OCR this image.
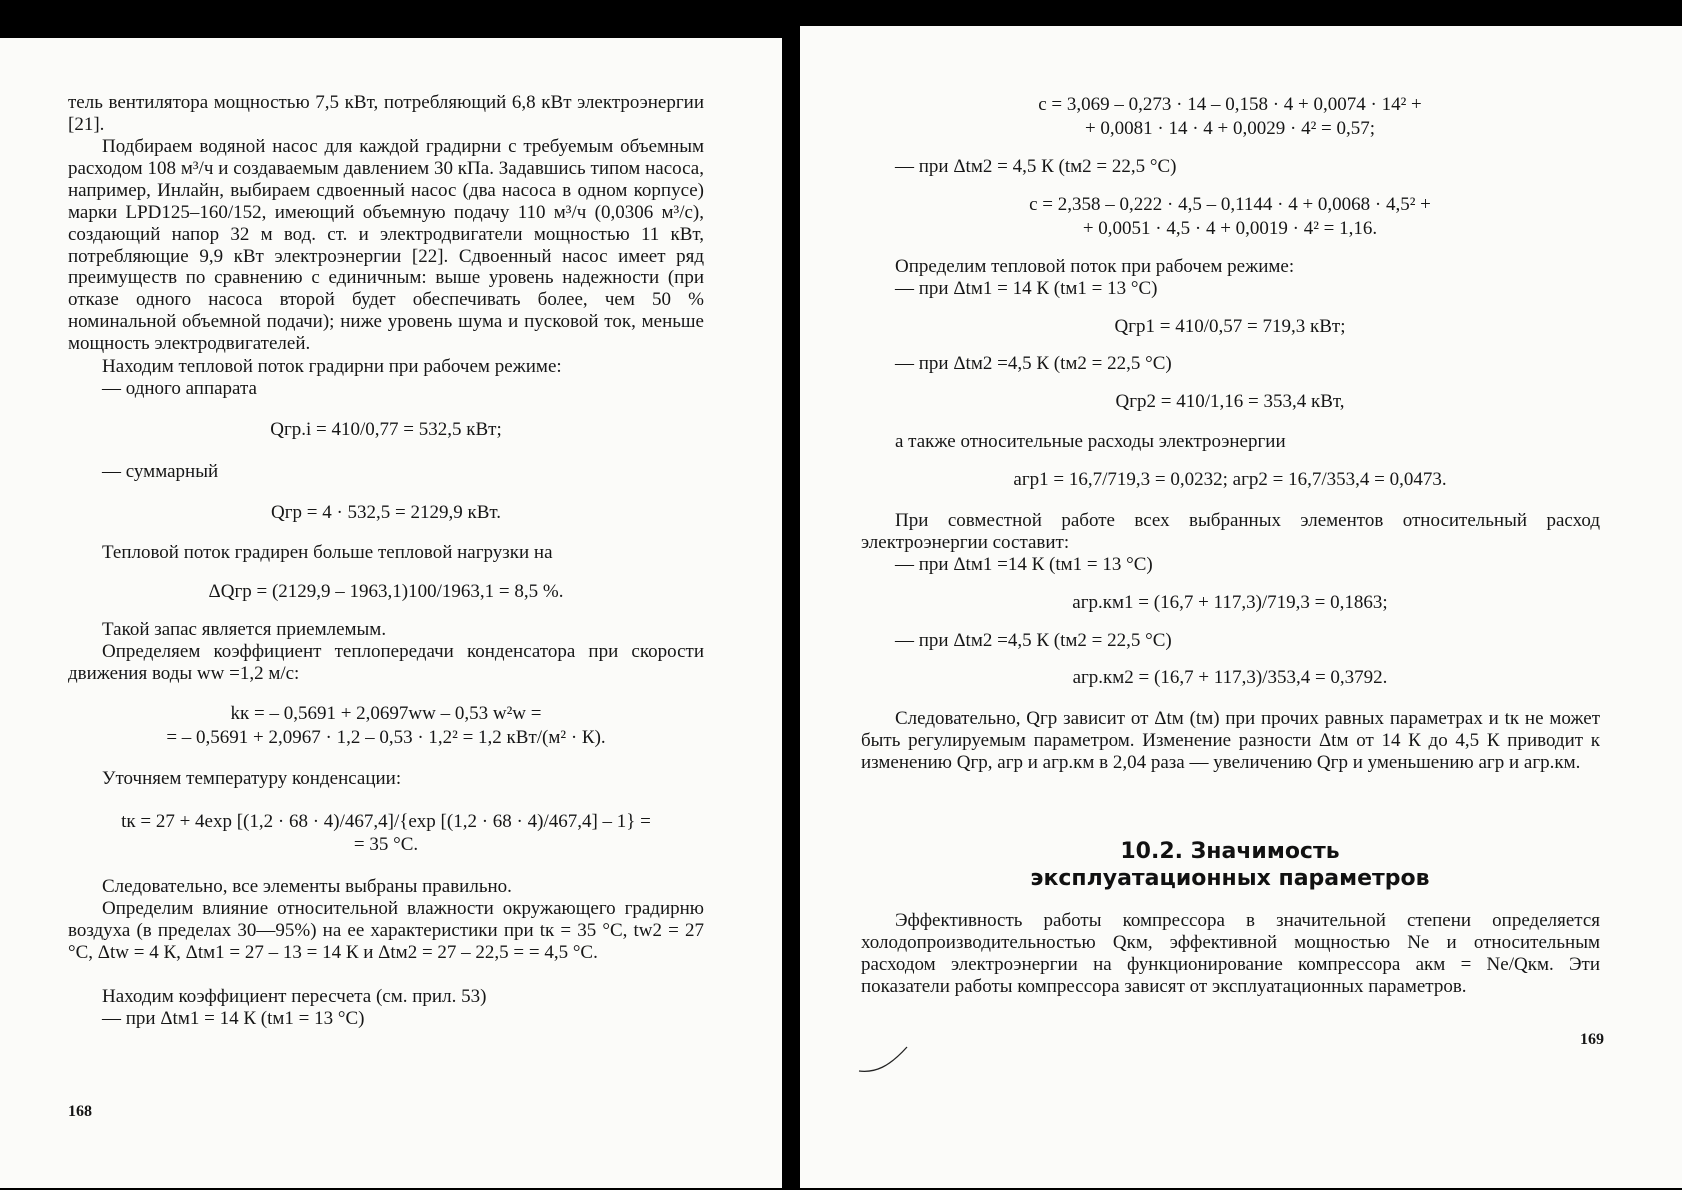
тель вентилятора мощностью 7,5 кВт, потребляющий 6,8 кВт электроэнергии [21].

Подбираем водяной насос для каждой градирни с требуемым объемным расходом 108 м³/ч и создаваемым давлением 30 кПа. Задавшись типом насоса, например, Инлайн, выбираем сдвоенный насос (два насоса в одном корпусе) марки LPD125–160/152, имеющий объемную подачу 110 м³/ч (0,0306 м³/с), создающий напор 32 м вод. ст. и электродвигатели мощностью 11 кВт, потребляющие 9,9 кВт электроэнергии [22]. Сдвоенный насос имеет ряд преимуществ по сравнению с единичным: выше уровень надежности (при отказе одного насоса второй будет обеспечивать более, чем 50 % номинальной объемной подачи); ниже уровень шума и пусковой ток, меньше мощность электродвигателей.

Находим тепловой поток градирни при рабочем режиме:

— одного аппарата

Qгр.i = 410/0,77 = 532,5 кВт;

— суммарный

Qгр = 4 · 532,5 = 2129,9 кВт.

Тепловой поток градирен больше тепловой нагрузки на

ΔQгр = (2129,9 – 1963,1)100/1963,1 = 8,5 %.

Такой запас является приемлемым.

Определяем коэффициент теплопередачи конденсатора при скорости движения воды ww =1,2 м/с:

kк = – 0,5691 + 2,0697ww – 0,53 w²w =

= – 0,5691 + 2,0967 · 1,2 – 0,53 · 1,2² = 1,2 кВт/(м² · К).

Уточняем температуру конденсации:

tк = 27 + 4exp [(1,2 · 68 · 4)/467,4]/{exp [(1,2 · 68 · 4)/467,4] – 1} =

= 35 °С.

Следовательно, все элементы выбраны правильно.

Определим влияние относительной влажности окружающего градирню воздуха (в пределах 30—95%) на ее характеристики при tк = 35 °С, tw2 = 27 °С, Δtw = 4 К, Δtм1 = 27 – 13 = 14 К и Δtм2 = 27 – 22,5 = = 4,5 °С.

Находим коэффициент пересчета (см. прил. 53)

— при Δtм1 = 14 К (tм1 = 13 °С)

168

c = 3,069 – 0,273 · 14 – 0,158 · 4 + 0,0074 · 14² +

+ 0,0081 · 14 · 4 + 0,0029 · 4² = 0,57;

— при Δtм2 = 4,5 К (tм2 = 22,5 °С)

c = 2,358 – 0,222 · 4,5 – 0,1144 · 4 + 0,0068 · 4,5² +

+ 0,0051 · 4,5 · 4 + 0,0019 · 4² = 1,16.

Определим тепловой поток при рабочем режиме:

— при Δtм1 = 14 К (tм1 = 13 °С)

Qгр1 = 410/0,57 = 719,3 кВт;

— при Δtм2 =4,5 К (tм2 = 22,5 °С)

Qгр2 = 410/1,16 = 353,4 кВт,

а также относительные расходы электроэнергии

aгр1 = 16,7/719,3 = 0,0232; aгр2 = 16,7/353,4 = 0,0473.

При совместной работе всех выбранных элементов относительный расход электроэнергии составит:

— при Δtм1 =14 К (tм1 = 13 °С)

aгр.км1 = (16,7 + 117,3)/719,3 = 0,1863;

— при Δtм2 =4,5 К (tм2 = 22,5 °С)

aгр.км2 = (16,7 + 117,3)/353,4 = 0,3792.

Следовательно, Qгр зависит от Δtм (tм) при прочих равных параметрах и tк не может быть регулируемым параметром. Изменение разности Δtм от 14 К до 4,5 К приводит к изменению Qгр, aгр и aгр.км в 2,04 раза — увеличению Qгр и уменьшению aгр и aгр.км.

10.2. Значимость эксплуатационных параметров

Эффективность работы компрессора в значительной степени определяется холодопроизводительностью Qкм, эффективной мощностью Nе и относительным расходом электроэнергии на функционирование компрессора aкм = Nе/Qкм. Эти показатели работы компрессора зависят от эксплуатационных параметров.

169
